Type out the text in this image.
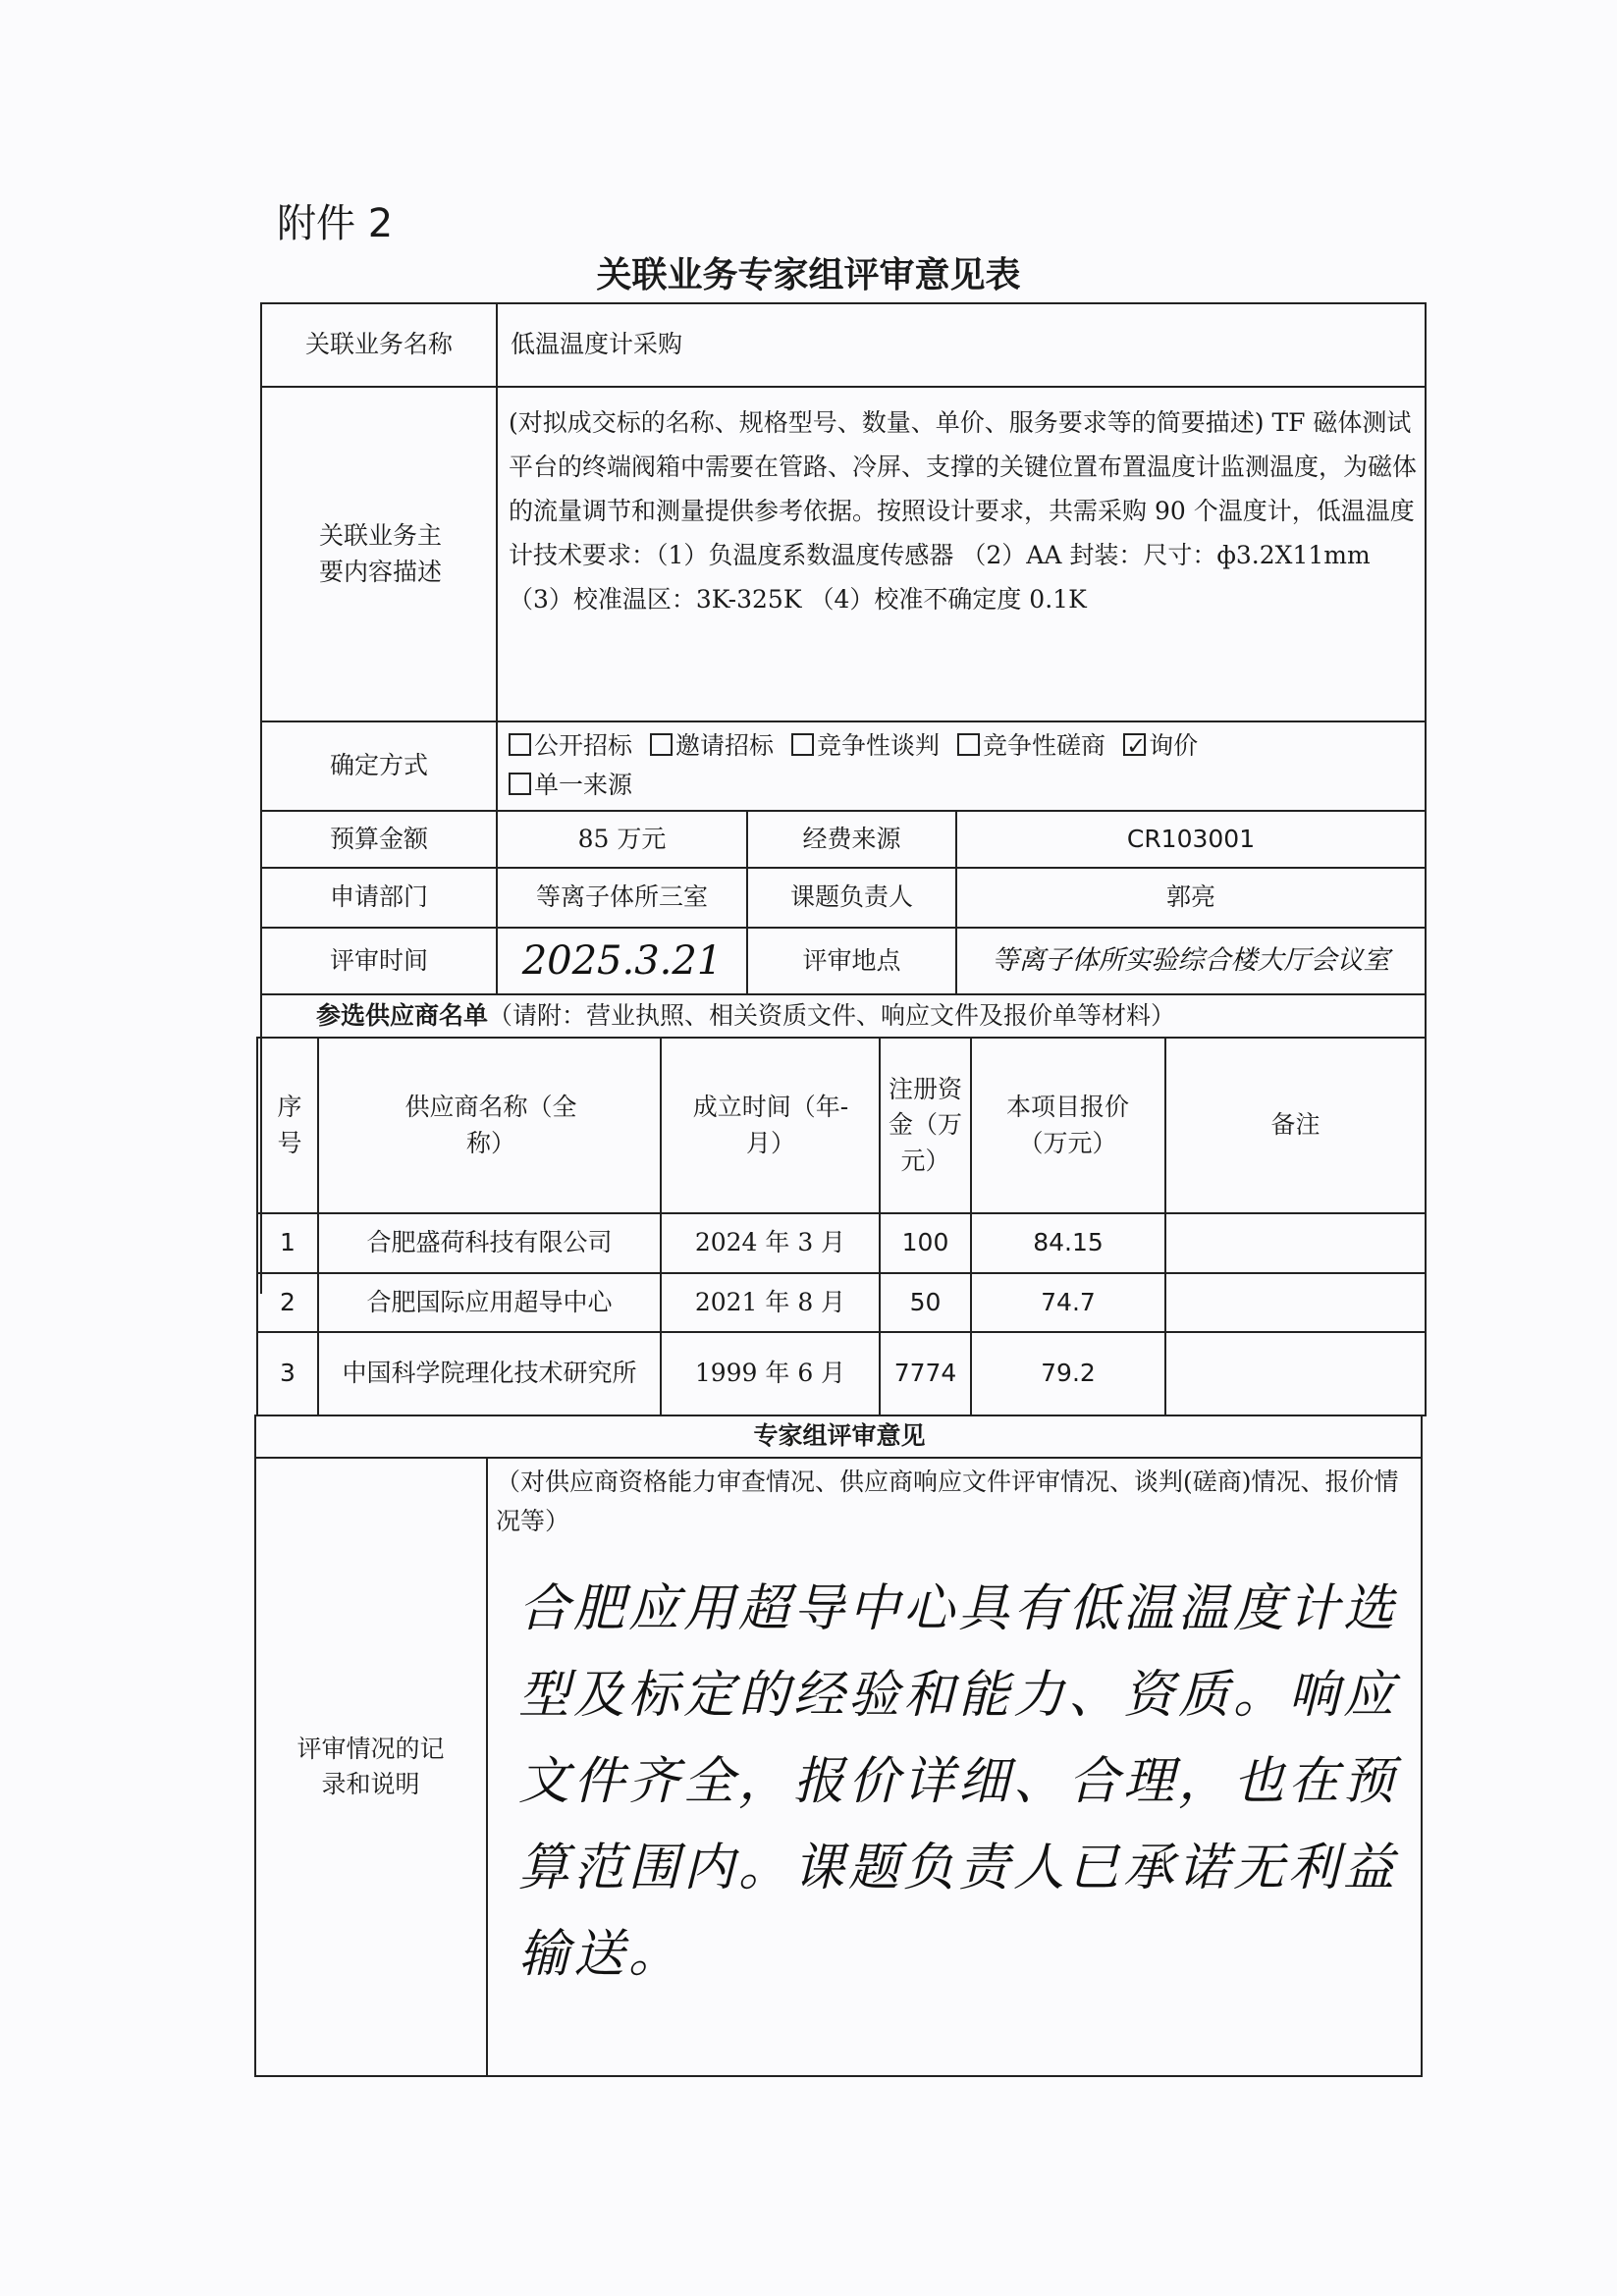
附件 2
关联业务专家组评审意见表
关联业务名称	低温温度计采购
关联业务主要内容描述
(对拟成交标的名称、规格型号、数量、单价、服务要求等的简要描述) TF 磁体测试平台的终端阀箱中需要在管路、冷屏、支撑的关键位置布置温度计监测温度，为磁体的流量调节和测量提供参考依据。按照设计要求，共需采购 90 个温度计，低温温度计技术要求：（1）负温度系数温度传感器 （2）AA 封装：尺寸：ф3.2X11mm （3）校准温区：3K-325K （4）校准不确定度 0.1K
确定方式
公开招标 邀请招标 竞争性谈判 竞争性磋商✓ 询价
单一来源
预算金额	85 万元	经费来源	CR103001
申请部门	等离子体所三室	课题负责人	郭亮
评审时间	2025.3.21	评审地点	等离子体所实验综合楼大厅会议室
参选供应商名单（请附：营业执照、相关资质文件、响应文件及报价单等材料）
序号
供应商名称（全称）
成立时间（年-月）
注册资金（万元）
本项目报价（万元）
备注
1	合肥盛荷科技有限公司	2024 年 3 月	100	84.15
2	合肥国际应用超导中心	2021 年 8 月	50	74.7
3	中国科学院理化技术研究所	1999 年 6 月	7774	79.2
专家组评审意见
评审情况的记录和说明
（对供应商资格能力审查情况、供应商响应文件评审情况、谈判(磋商)情况、报价情况等）
合肥应用超导中心具有低温温度计选型及标定的经验和能力、资质。响应文件齐全，报价详细、合理，也在预算范围内。课题负责人已承诺无利益输送。
